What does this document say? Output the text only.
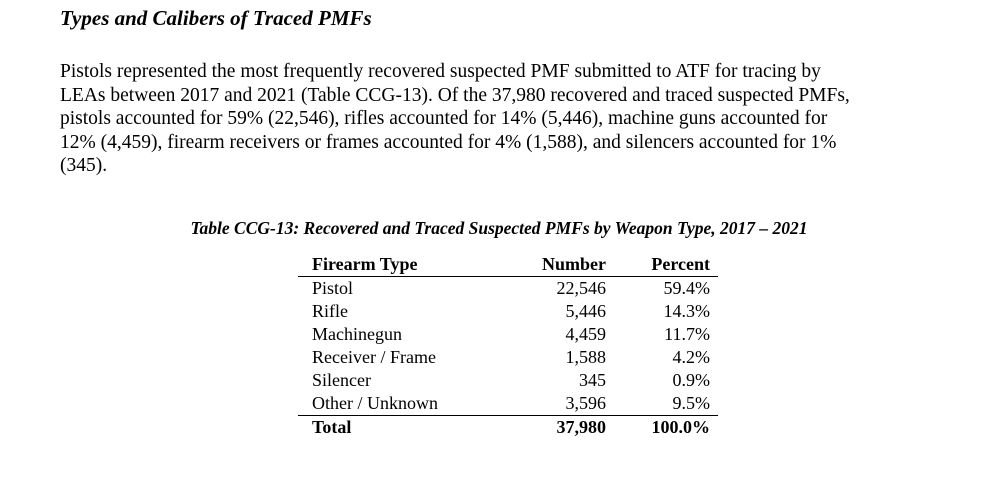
Types and Calibers of Traced PMFs
Pistols represented the most frequently recovered suspected PMF submitted to ATF for tracing by
LEAs between 2017 and 2021 (Table CCG-13). Of the 37,980 recovered and traced suspected PMFs,
pistols accounted for 59% (22,546), rifles accounted for 14% (5,446), machine guns accounted for
12% (4,459), firearm receivers or frames accounted for 4% (1,588), and silencers accounted for 1%
(345).
Table CCG-13: Recovered and Traced Suspected PMFs by Weapon Type, 2017 – 2021
Firearm Type	Number	Percent
Pistol	22,546	59.4%
Rifle	5,446	14.3%
Machinegun	4,459	11.7%
Receiver / Frame	1,588	4.2%
Silencer	345	0.9%
Other / Unknown	3,596	9.5%
Total	37,980	100.0%
